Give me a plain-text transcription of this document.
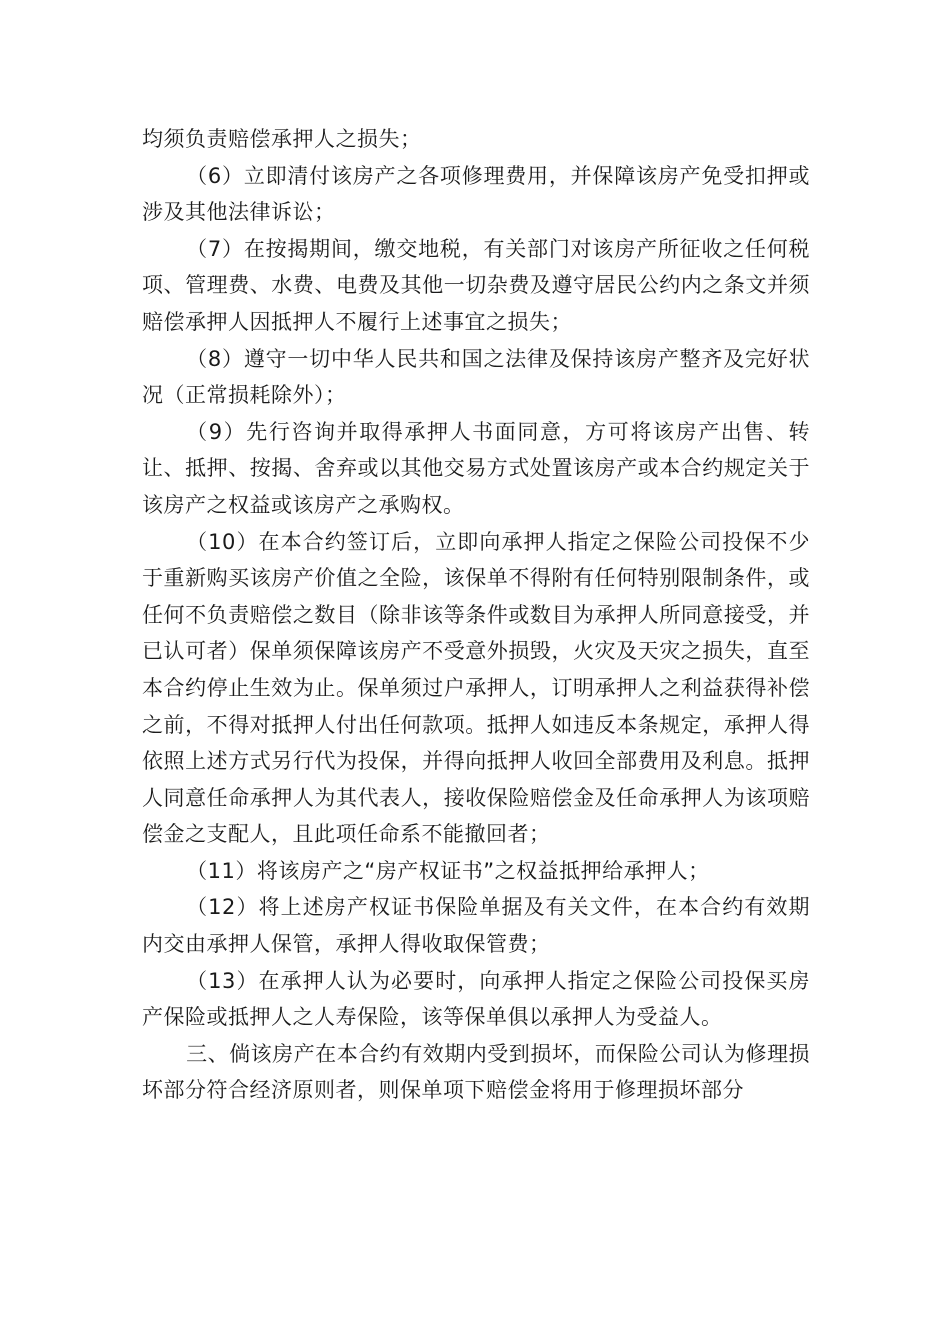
均须负责赔偿承押人之损失；

（6）立即清付该房产之各项修理费用，并保障该房产免受扣押或涉及其他法律诉讼；

（7）在按揭期间，缴交地税，有关部门对该房产所征收之任何税项、管理费、水费、电费及其他一切杂费及遵守居民公约内之条文并须赔偿承押人因抵押人不履行上述事宜之损失；

（8）遵守一切中华人民共和国之法律及保持该房产整齐及完好状况（正常损耗除外）；

（9）先行咨询并取得承押人书面同意，方可将该房产出售、转让、抵押、按揭、舍弃或以其他交易方式处置该房产或本合约规定关于该房产之权益或该房产之承购权。

（10）在本合约签订后，立即向承押人指定之保险公司投保不少于重新购买该房产价值之全险，该保单不得附有任何特别限制条件，或任何不负责赔偿之数目（除非该等条件或数目为承押人所同意接受，并已认可者）保单须保障该房产不受意外损毁，火灾及天灾之损失，直至本合约停止生效为止。保单须过户承押人，订明承押人之利益获得补偿之前，不得对抵押人付出任何款项。抵押人如违反本条规定，承押人得依照上述方式另行代为投保，并得向抵押人收回全部费用及利息。抵押人同意任命承押人为其代表人，接收保险赔偿金及任命承押人为该项赔偿金之支配人，且此项任命系不能撤回者；

（11）将该房产之“房产权证书”之权益抵押给承押人；

（12）将上述房产权证书保险单据及有关文件，在本合约有效期内交由承押人保管，承押人得收取保管费；

（13）在承押人认为必要时，向承押人指定之保险公司投保买房产保险或抵押人之人寿保险，该等保单俱以承押人为受益人。

三、倘该房产在本合约有效期内受到损坏，而保险公司认为修理损坏部分符合经济原则者，则保单项下赔偿金将用于修理损坏部分
